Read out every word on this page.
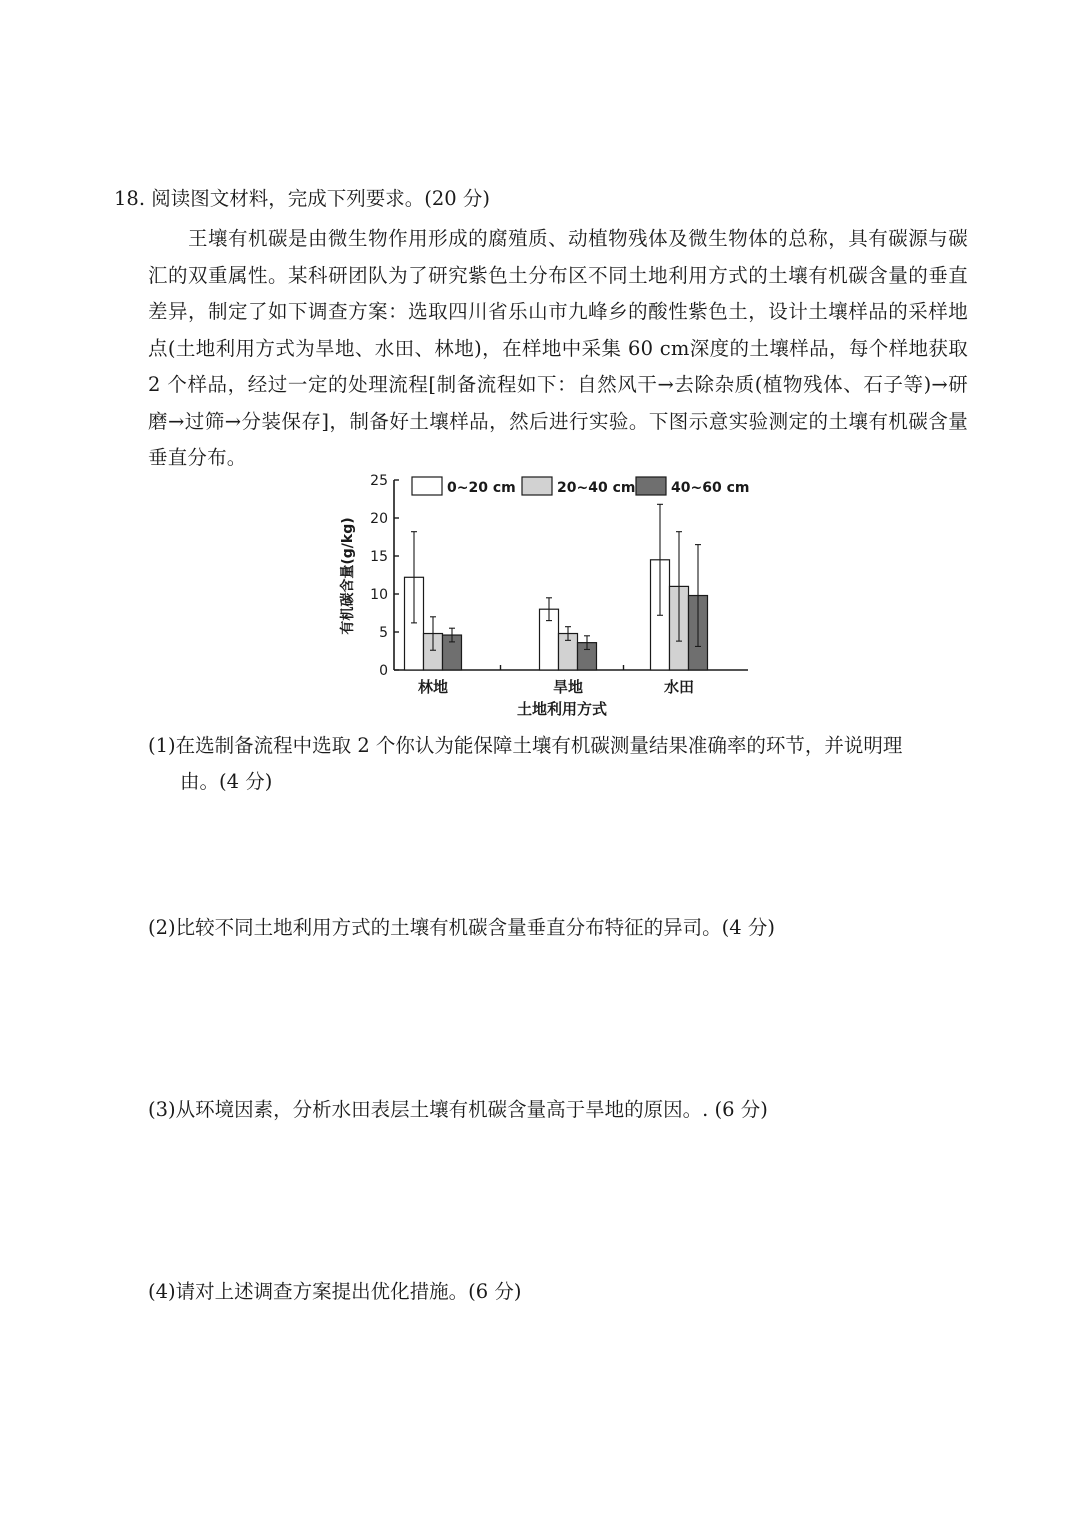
18. 阅读图文材料，完成下列要求。(20 分)

王壤有机碳是由微生物作用形成的腐殖质、动植物残体及微生物体的总称，具有碳源与碳汇的双重属性。某科研团队为了研究紫色土分布区不同土地利用方式的土壤有机碳含量的垂直差异，制定了如下调查方案：选取四川省乐山市九峰乡的酸性紫色土，设计土壤样品的采样地点(土地利用方式为旱地、水田、林地)，在样地中采集 60 cm深度的土壤样品，每个样地获取 2 个样品，经过一定的处理流程[制备流程如下：自然风干→去除杂质(植物残体、石子等)→研磨→过筛→分装保存]，制备好土壤样品，然后进行实验。下图示意实验测定的土壤有机碳含量垂直分布。

有机碳含量(g/kg)
土地利用方式
0
5
10
15
20
25
林地	旱地	水田
0~20 cm	20~40 cm	40~60 cm

(1)在选制备流程中选取 2 个你认为能保障土壤有机碳测量结果准确率的环节，并说明理
由。(4 分)

(2)比较不同土地利用方式的土壤有机碳含量垂直分布特征的异司。(4 分)

(3)从环境因素，分析水田表层土壤有机碳含量高于旱地的原因。. (6 分)

(4)请对上述调查方案提出优化措施。(6 分)
